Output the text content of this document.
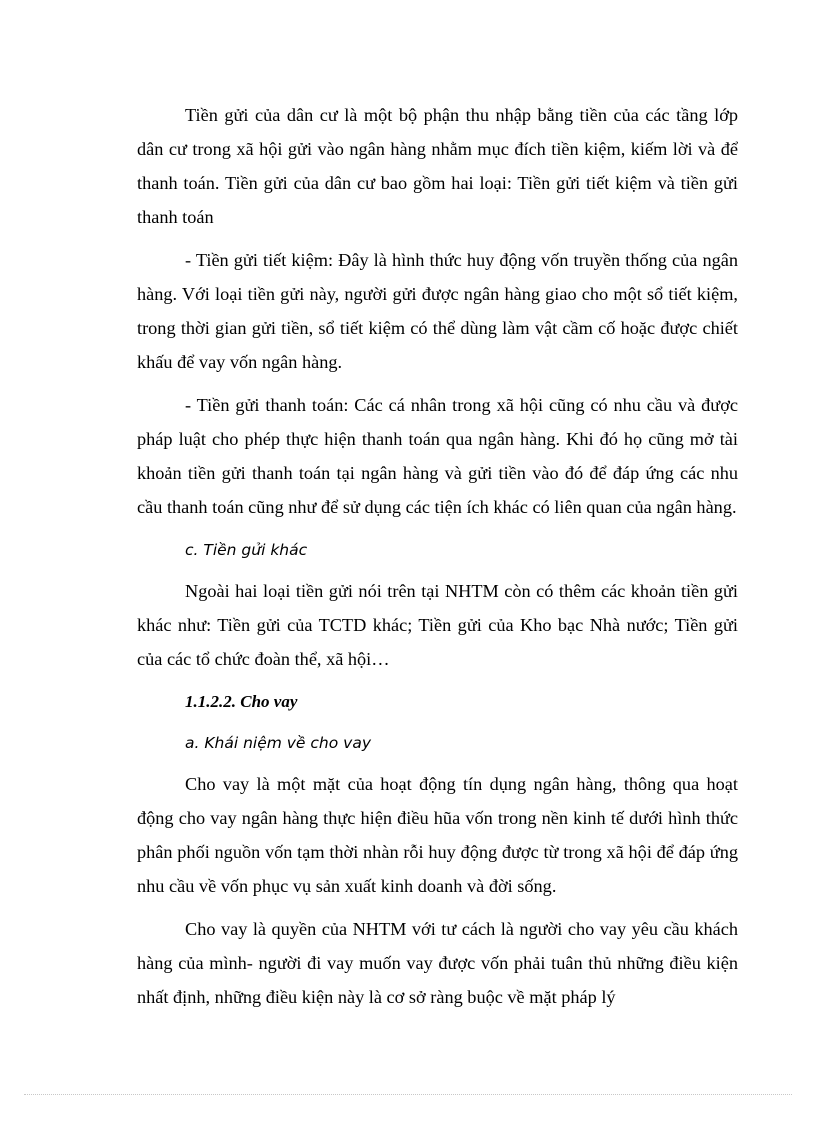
Tiền gửi của dân cư là một bộ phận thu nhập bằng tiền của các tầng lớp dân cư trong xã hội gửi vào ngân hàng nhằm mục đích tiền kiệm, kiếm lời và để thanh toán. Tiền gửi của dân cư bao gồm hai loại: Tiền gửi tiết kiệm và tiền gửi thanh toán

- Tiền gửi tiết kiệm: Đây là hình thức huy động vốn truyền thống của ngân hàng. Với loại tiền gửi này, người gửi được ngân hàng giao cho một sổ tiết kiệm, trong thời gian gửi tiền, sổ tiết kiệm có thể dùng làm vật cầm cố hoặc được chiết khấu để vay vốn ngân hàng.

- Tiền gửi thanh toán: Các cá nhân trong xã hội cũng có nhu cầu và được pháp luật cho phép thực hiện thanh toán qua ngân hàng. Khi đó họ cũng mở tài khoản tiền gửi thanh toán tại ngân hàng và gửi tiền vào đó để đáp ứng các nhu cầu thanh toán cũng như để sử dụng các tiện ích khác có liên quan của ngân hàng.

c. Tiền gửi khác

Ngoài hai loại tiền gửi nói trên tại NHTM còn có thêm các khoản tiền gửi khác như: Tiền gửi của TCTD khác; Tiền gửi của Kho bạc Nhà nước; Tiền gửi của các tổ chức đoàn thể, xã hội…

1.1.2.2. Cho vay

a. Khái niệm về cho vay

Cho vay là một mặt của hoạt động tín dụng ngân hàng, thông qua hoạt động cho vay ngân hàng thực hiện điều hũa vốn trong nền kinh tế dưới hình thức phân phối nguồn vốn tạm thời nhàn rỗi huy động được từ trong xã hội để đáp ứng nhu cầu về vốn phục vụ sản xuất kinh doanh và đời sống.

Cho vay là quyền của NHTM với tư cách là người cho vay yêu cầu khách hàng của mình- người đi vay muốn vay được vốn phải tuân thủ những điều kiện nhất định, những điều kiện này là cơ sở ràng buộc về mặt pháp lý
